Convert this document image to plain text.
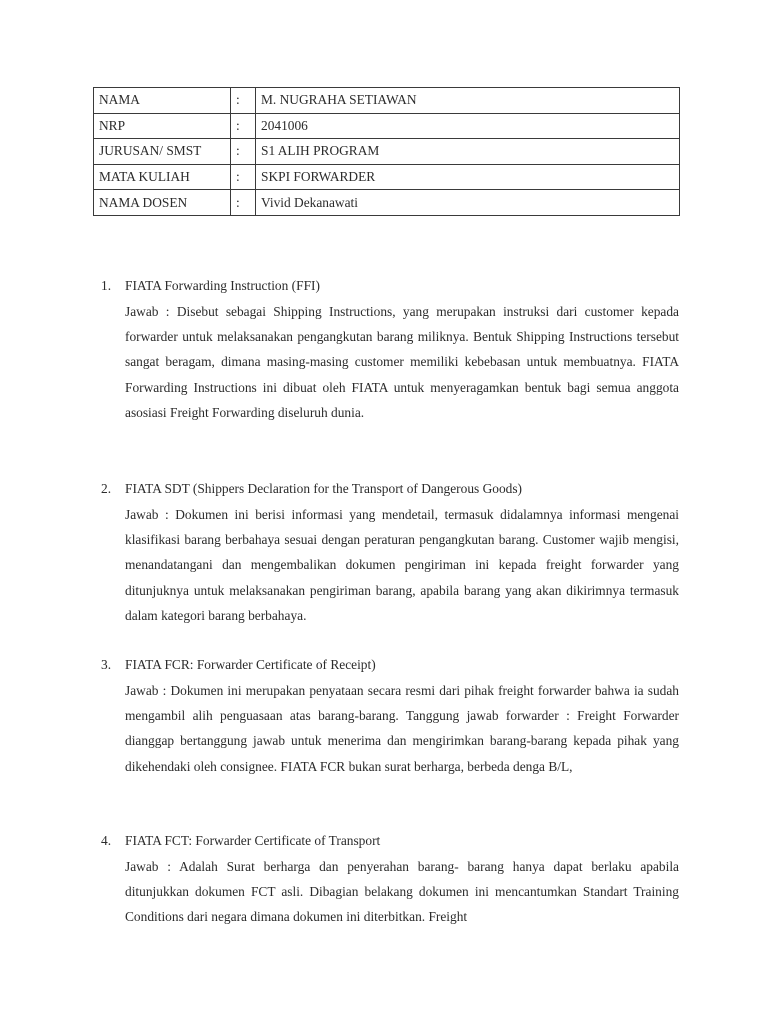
NAMA	:	M. NUGRAHA SETIAWAN
NRP	:	2041006
JURUSAN/ SMST	:	S1 ALIH PROGRAM
MATA KULIAH	:	SKPI FORWARDER
NAMA DOSEN	:	Vivid Dekanawati
1. FIATA Forwarding Instruction (FFI)
Jawab : Disebut sebagai Shipping Instructions, yang merupakan instruksi dari customer kepada forwarder untuk melaksanakan pengangkutan barang miliknya. Bentuk Shipping Instructions tersebut sangat beragam, dimana masing-masing customer memiliki kebebasan untuk membuatnya. FIATA Forwarding Instructions ini dibuat oleh FIATA untuk menyeragamkan bentuk bagi semua anggota asosiasi Freight Forwarding diseluruh dunia.
2. FIATA SDT (Shippers Declaration for the Transport of Dangerous Goods)
Jawab : Dokumen ini berisi informasi yang mendetail, termasuk didalamnya informasi mengenai klasifikasi barang berbahaya sesuai dengan peraturan pengangkutan barang. Customer wajib mengisi, menandatangani dan mengembalikan dokumen pengiriman ini kepada freight forwarder yang ditunjuknya untuk melaksanakan pengiriman barang, apabila barang yang akan dikirimnya termasuk dalam kategori barang berbahaya.
3. FIATA FCR: Forwarder Certificate of Receipt)
Jawab : Dokumen ini merupakan penyataan secara resmi dari pihak freight forwarder bahwa ia sudah mengambil alih penguasaan atas barang-barang. Tanggung jawab forwarder : Freight Forwarder dianggap bertanggung jawab untuk menerima dan mengirimkan barang-barang kepada pihak yang dikehendaki oleh consignee. FIATA FCR bukan surat berharga, berbeda denga B/L,
4. FIATA FCT: Forwarder Certificate of Transport
Jawab : Adalah Surat berharga dan penyerahan barang- barang hanya dapat berlaku apabila ditunjukkan dokumen FCT asli. Dibagian belakang dokumen ini mencantumkan Standart Training Conditions dari negara dimana dokumen ini diterbitkan. Freight
